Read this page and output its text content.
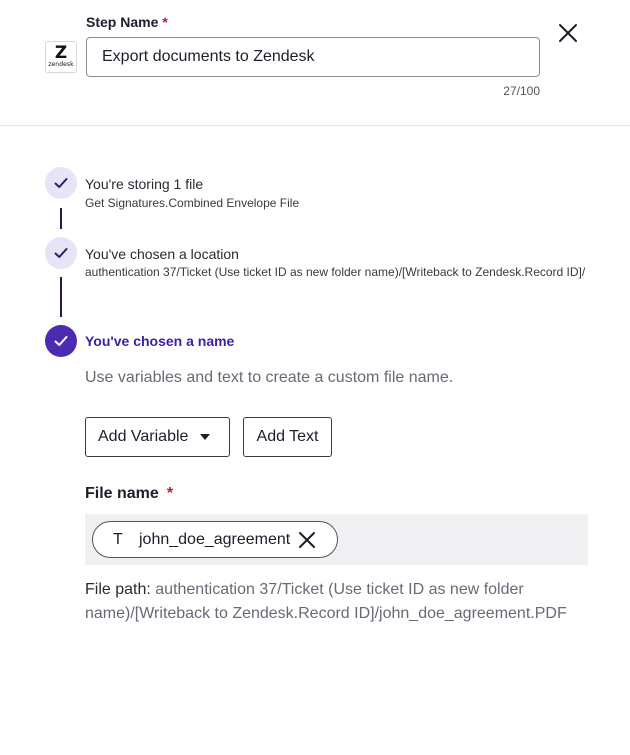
Z
zendesk
Step Name *
Export documents to Zendesk
27/100
You're storing 1 file
Get Signatures.Combined Envelope File
You've chosen a location
authentication 37/Ticket (Use ticket ID as new folder name)/[Writeback to Zendesk.Record ID]/
You've chosen a name
Use variables and text to create a custom file name.
Add Variable	Add Text
File name *
T	john_doe_agreement
File path: authentication 37/Ticket (Use ticket ID as new folder name)/[Writeback to Zendesk.Record ID]/john_doe_agreement.PDF
